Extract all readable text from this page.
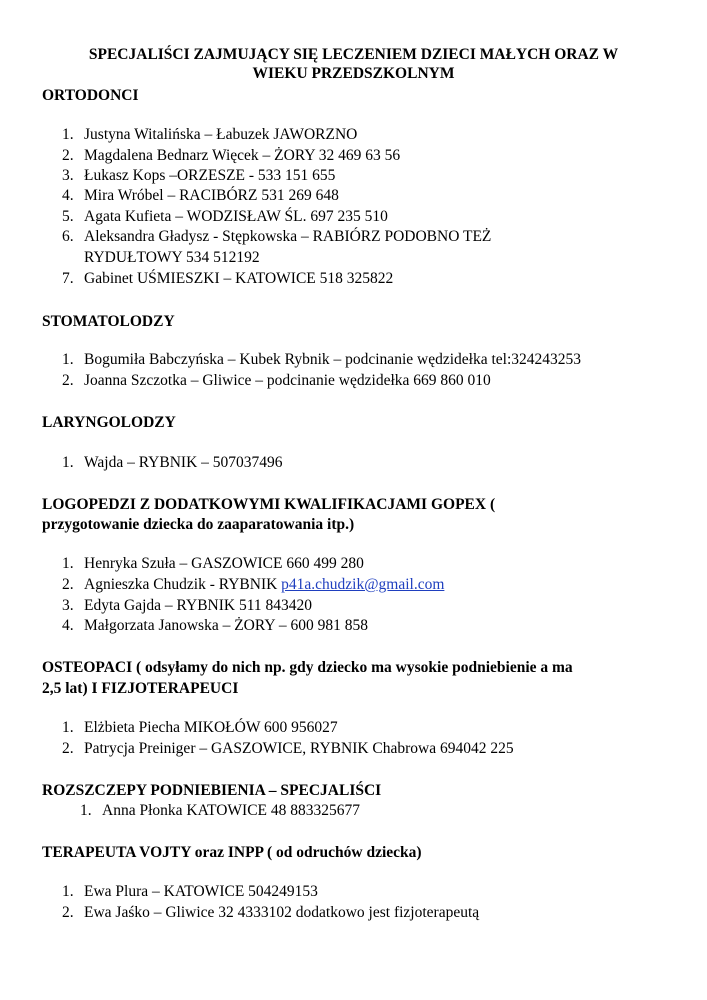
SPECJALIŚCI ZAJMUJĄCY SIĘ LECZENIEM DZIECI MAŁYCH ORAZ W
WIEKU PRZEDSZKOLNYM
ORTODONCI
1. Justyna Witalińska – Łabuzek JAWORZNO
2. Magdalena Bednarz Więcek – ŻORY 32 469 63 56
3. Łukasz Kops –ORZESZE - 533 151 655
4. Mira Wróbel – RACIBÓRZ 531 269 648
5. Agata Kufieta – WODZISŁAW ŚL. 697 235 510
6. Aleksandra Gładysz - Stępkowska – RABIÓRZ PODOBNO TEŻ
RYDUŁTOWY 534 512192
7. Gabinet UŚMIESZKI – KATOWICE 518 325822
STOMATOLODZY
1. Bogumiła Babczyńska – Kubek Rybnik – podcinanie wędzidełka tel:324243253
2. Joanna Szczotka – Gliwice – podcinanie wędzidełka 669 860 010
LARYNGOLODZY
1. Wajda – RYBNIK – 507037496
LOGOPEDZI Z DODATKOWYMI KWALIFIKACJAMI GOPEX (
przygotowanie dziecka do zaaparatowania itp.)
1. Henryka Szuła – GASZOWICE 660 499 280
2. Agnieszka Chudzik - RYBNIK p41a.chudzik@gmail.com
3. Edyta Gajda – RYBNIK 511 843420
4. Małgorzata Janowska – ŻORY – 600 981 858
OSTEOPACI ( odsyłamy do nich np. gdy dziecko ma wysokie podniebienie a ma
2,5 lat) I FIZJOTERAPEUCI
1. Elżbieta Piecha MIKOŁÓW 600 956027
2. Patrycja Preiniger – GASZOWICE, RYBNIK Chabrowa 694042 225
ROZSZCZEPY PODNIEBIENIA – SPECJALIŚCI
1. Anna Płonka KATOWICE 48 883325677
TERAPEUTA VOJTY oraz INPP ( od odruchów dziecka)
1. Ewa Plura – KATOWICE 504249153
2. Ewa Jaśko – Gliwice 32 4333102 dodatkowo jest fizjoterapeutą
